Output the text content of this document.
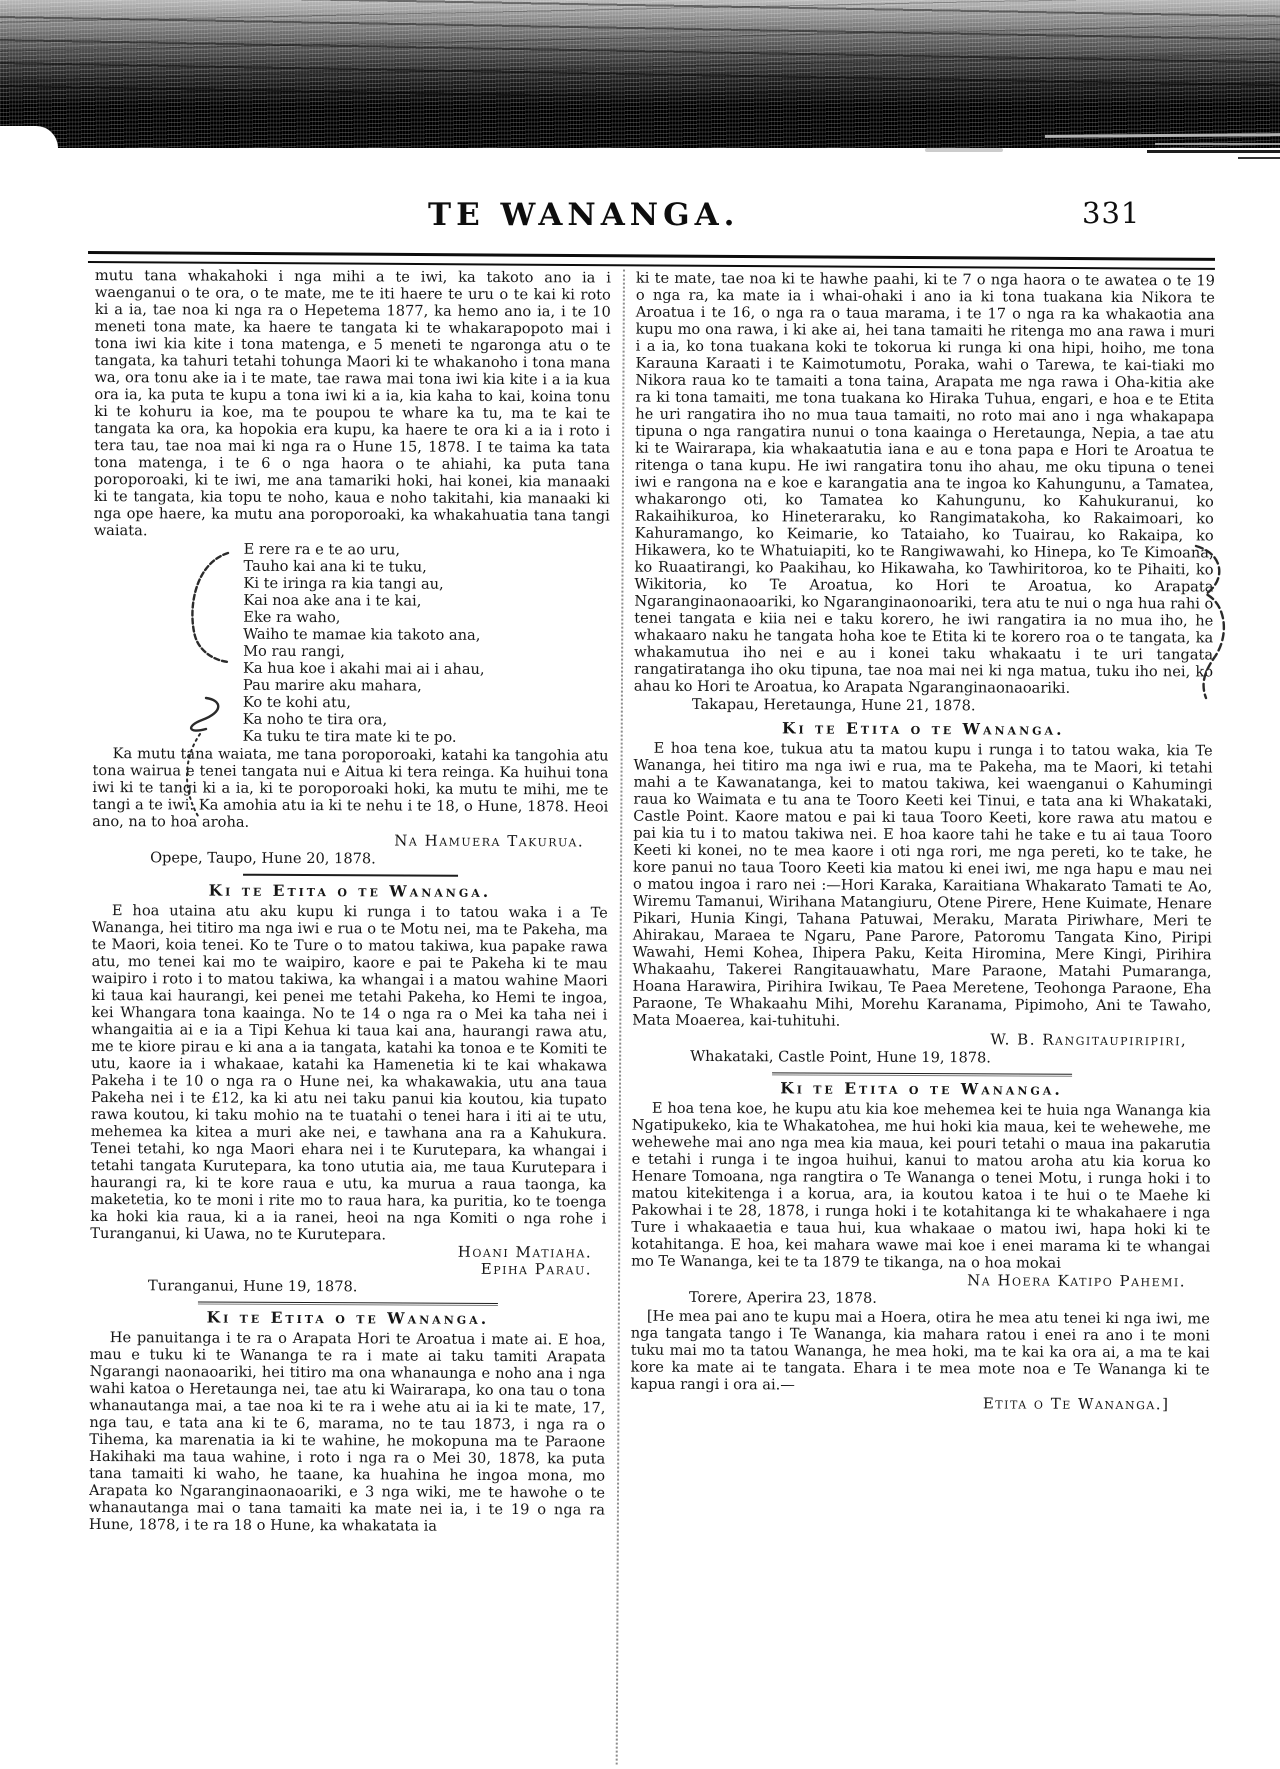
TE WANANGA.	331

mutu tana whakahoki i nga mihi a te iwi, ka takoto ano ia i waenganui o te ora, o te mate, me te iti haere te uru o te kai ki roto ki a ia, tae noa ki nga ra o Hepetema 1877, ka hemo ano ia, i te 10 meneti tona mate, ka haere te tangata ki te whakarapopoto mai i tona iwi kia kite i tona matenga, e 5 meneti te ngaronga atu o te tangata, ka tahuri tetahi tohunga Maori ki te whakanoho i tona mana wa, ora tonu ake ia i te mate, tae rawa mai tona iwi kia kite i a ia kua ora ia, ka puta te kupu a tona iwi ki a ia, kia kaha to kai, koina tonu ki te kohuru ia koe, ma te poupou te whare ka tu, ma te kai te tangata ka ora, ka hopokia era kupu, ka haere te ora ki a ia i roto i tera tau, tae noa mai ki nga ra o Hune 15, 1878. I te taima ka tata tona matenga, i te 6 o nga haora o te ahiahi, ka puta tana poroporoaki, ki te iwi, me ana tamariki hoki, hai konei, kia manaaki ki te tangata, kia topu te noho, kaua e noho takitahi, kia manaaki ki nga ope haere, ka mutu ana poroporoaki, ka whakahuatia tana tangi waiata.

E rere ra e te ao uru,
Tauho kai ana ki te tuku,
Ki te iringa ra kia tangi au,
Kai noa ake ana i te kai,
Eke ra waho,
Waiho te mamae kia takoto ana,
Mo rau rangi,
Ka hua koe i akahi mai ai i ahau,
Pau marire aku mahara,
Ko te kohi atu,
Ka noho te tira ora,
Ka tuku te tira mate ki te po.

Ka mutu tana waiata, me tana poroporoaki, katahi ka tangohia atu tona wairua e tenei tangata nui e Aitua ki tera reinga. Ka huihui tona iwi ki te tangi ki a ia, ki te poroporoaki hoki, ka mutu te mihi, me te tangi a te iwi. Ka amohia atu ia ki te nehu i te 18, o Hune, 1878. Heoi ano, na to hoa aroha.

Na Hamuera Takurua.
Opepe, Taupo, Hune 20, 1878.
Ki te Etita o te Wananga.

E hoa utaina atu aku kupu ki runga i to tatou waka i a Te Wananga, hei titiro ma nga iwi e rua o te Motu nei, ma te Pakeha, ma te Maori, koia tenei. Ko te Ture o to matou takiwa, kua papake rawa atu, mo tenei kai mo te waipiro, kaore e pai te Pakeha ki te mau waipiro i roto i to matou takiwa, ka whangai i a matou wahine Maori ki taua kai haurangi, kei penei me tetahi Pakeha, ko Hemi te ingoa, kei Whangara tona kaainga. No te 14 o nga ra o Mei ka taha nei i whangaitia ai e ia a Tipi Kehua ki taua kai ana, haurangi rawa atu, me te kiore pirau e ki ana a ia tangata, katahi ka tonoa e te Komiti te utu, kaore ia i whakaae, katahi ka Hamenetia ki te kai whakawa Pakeha i te 10 o nga ra o Hune nei, ka whakawakia, utu ana taua Pakeha nei i te £12, ka ki atu nei taku panui kia koutou, kia tupato rawa koutou, ki taku mohio na te tuatahi o tenei hara i iti ai te utu, mehemea ka kitea a muri ake nei, e tawhana ana ra a Kahukura. Tenei tetahi, ko nga Maori ehara nei i te Kurutepara, ka whangai i tetahi tangata Kurutepara, ka tono ututia aia, me taua Kurutepara i haurangi ra, ki te kore raua e utu, ka murua a raua taonga, ka maketetia, ko te moni i rite mo to raua hara, ka puritia, ko te toenga ka hoki kia raua, ki a ia ranei, heoi na nga Komiti o nga rohe i Turanganui, ki Uawa, no te Kurutepara.

Hoani Matiaha.
Epiha Parau.
Turanganui, Hune 19, 1878.
Ki te Etita o te Wananga.

He panuitanga i te ra o Arapata Hori te Aroatua i mate ai. E hoa, mau e tuku ki te Wananga te ra i mate ai taku tamiti Arapata Ngarangi naonaoariki, hei titiro ma ona whanaunga e noho ana i nga wahi katoa o Heretaunga nei, tae atu ki Wairarapa, ko ona tau o tona whanautanga mai, a tae noa ki te ra i wehe atu ai ia ki te mate, 17, nga tau, e tata ana ki te 6, marama, no te tau 1873, i nga ra o Tihema, ka marenatia ia ki te wahine, he mokopuna ma te Paraone Hakihaki ma taua wahine, i roto i nga ra o Mei 30, 1878, ka puta tana tamaiti ki waho, he taane, ka huahina he ingoa mona, mo Arapata ko Ngaranginaonaoariki, e 3 nga wiki, me te hawohe o te whanautanga mai o tana tamaiti ka mate nei ia, i te 19 o nga ra Hune, 1878, i te ra 18 o Hune, ka whakatata ia

ki te mate, tae noa ki te hawhe paahi, ki te 7 o nga haora o te awatea o te 19 o nga ra, ka mate ia i whai-ohaki i ano ia ki tona tuakana kia Nikora te Aroatua i te 16, o nga ra o taua marama, i te 17 o nga ra ka whakaotia ana kupu mo ona rawa, i ki ake ai, hei tana tamaiti he ritenga mo ana rawa i muri i a ia, ko tona tuakana koki te tokorua ki runga ki ona hipi, hoiho, me tona Karauna Karaati i te Kaimotumotu, Poraka, wahi o Tarewa, te kai-tiaki mo Nikora raua ko te tamaiti a tona taina, Arapata me nga rawa i Oha-kitia ake ra ki tona tamaiti, me tona tuakana ko Hiraka Tuhua, engari, e hoa e te Etita he uri rangatira iho no mua taua tamaiti, no roto mai ano i nga whakapapa tipuna o nga rangatira nunui o tona kaainga o Heretaunga, Nepia, a tae atu ki te Wairarapa, kia whakaatutia iana e au e tona papa e Hori te Aroatua te ritenga o tana kupu. He iwi rangatira tonu iho ahau, me oku tipuna o tenei iwi e rangona na e koe e karangatia ana te ingoa ko Kahungunu, a Tamatea, whakarongo oti, ko Tamatea ko Kahungunu, ko Kahukuranui, ko Rakaihikuroa, ko Hineteraraku, ko Rangimatakoha, ko Rakaimoari, ko Kahuramango, ko Keimarie, ko Tataiaho, ko Tuairau, ko Rakaipa, ko Hikawera, ko te Whatuiapiti, ko te Rangiwawahi, ko Hinepa, ko Te Kimoana, ko Ruaatirangi, ko Paakihau, ko Hikawaha, ko Tawhiritoroa, ko te Pihaiti, ko Wikitoria, ko Te Aroatua, ko Hori te Aroatua, ko Arapata Ngaranginaonaoariki, ko Ngaranginaonoariki, tera atu te nui o nga hua rahi o tenei tangata e kiia nei e taku korero, he iwi rangatira ia no mua iho, he whakaaro naku he tangata hoha koe te Etita ki te korero roa o te tangata, ka whakamutua iho nei e au i konei taku whakaatu i te uri tangata rangatiratanga iho oku tipuna, tae noa mai nei ki nga matua, tuku iho nei, ko ahau ko Hori te Aroatua, ko Arapata Ngaranginaonaoariki.

Takapau, Heretaunga, Hune 21, 1878.
Ki te Etita o te Wananga.

E hoa tena koe, tukua atu ta matou kupu i runga i to tatou waka, kia Te Wananga, hei titiro ma nga iwi e rua, ma te Pakeha, ma te Maori, ki tetahi mahi a te Kawanatanga, kei to matou takiwa, kei waenganui o Kahumingi raua ko Waimata e tu ana te Tooro Keeti kei Tinui, e tata ana ki Whakataki, Castle Point. Kaore matou e pai ki taua Tooro Keeti, kore rawa atu matou e pai kia tu i to matou takiwa nei. E hoa kaore tahi he take e tu ai taua Tooro Keeti ki konei, no te mea kaore i oti nga rori, me nga pereti, ko te take, he kore panui no taua Tooro Keeti kia matou ki enei iwi, me nga hapu e mau nei o matou ingoa i raro nei :—Hori Karaka, Karaitiana Whakarato Tamati te Ao, Wiremu Tamanui, Wirihana Matangiuru, Otene Pirere, Hene Kuimate, Henare Pikari, Hunia Kingi, Tahana Patuwai, Meraku, Marata Piriwhare, Meri te Ahirakau, Maraea te Ngaru, Pane Parore, Patoromu Tangata Kino, Piripi Wawahi, Hemi Kohea, Ihipera Paku, Keita Hiromina, Mere Kingi, Pirihira Whakaahu, Takerei Rangitauawhatu, Mare Paraone, Matahi Pumaranga, Hoana Harawira, Pirihira Iwikau, Te Paea Meretene, Teohonga Paraone, Eha Paraone, Te Whakaahu Mihi, Morehu Karanama, Pipimoho, Ani te Tawaho, Mata Moaerea, kai-tuhituhi.

W. B. Rangitaupiripiri,
Whakataki, Castle Point, Hune 19, 1878.
Ki te Etita o te Wananga.

E hoa tena koe, he kupu atu kia koe mehemea kei te huia nga Wananga kia Ngatipukeko, kia te Whakatohea, me hui hoki kia maua, kei te wehewehe, me wehewehe mai ano nga mea kia maua, kei pouri tetahi o maua ina pakarutia e tetahi i runga i te ingoa huihui, kanui to matou aroha atu kia korua ko Henare Tomoana, nga rangtira o Te Wananga o tenei Motu, i runga hoki i to matou kitekitenga i a korua, ara, ia koutou katoa i te hui o te Maehe ki Pakowhai i te 28, 1878, i runga hoki i te kotahitanga ki te whakahaere i nga Ture i whakaaetia e taua hui, kua whakaae o matou iwi, hapa hoki ki te kotahitanga. E hoa, kei mahara wawe mai koe i enei marama ki te whangai mo Te Wananga, kei te ta 1879 te tikanga, na o hoa mokai

Na Hoera Katipo Pahemi.
Torere, Aperira 23, 1878.

[He mea pai ano te kupu mai a Hoera, otira he mea atu tenei ki nga iwi, me nga tangata tango i Te Wananga, kia mahara ratou i enei ra ano i te moni tuku mai mo ta tatou Wananga, he mea hoki, ma te kai ka ora ai, a ma te kai kore ka mate ai te tangata. Ehara i te mea mote noa e Te Wananga ki te kapua rangi i ora ai.—

Etita o Te Wananga.]
